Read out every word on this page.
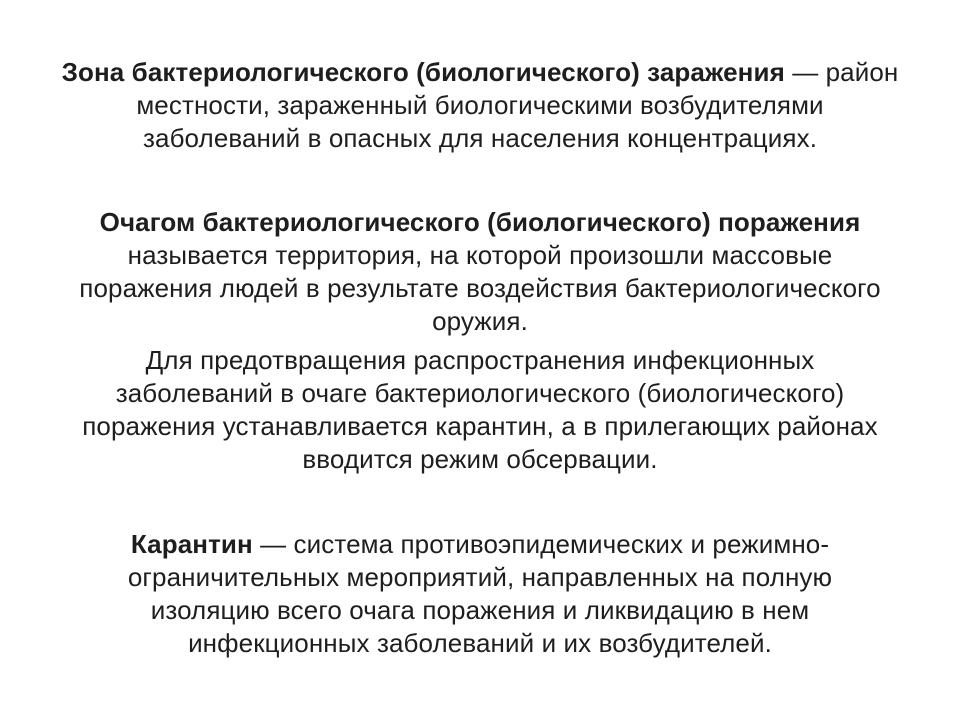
Зона бактериологического (биологического) заражения — район местности, зараженный биологическими возбудителями
заболеваний в опасных для населения концентрациях.

Очагом бактериологического (биологического) поражения
называется территория, на которой произошли массовые
поражения людей в результате воздействия бактериологического
оружия.

Для предотвращения распространения инфекционных
заболеваний в очаге бактериологического (биологического)
поражения устанавливается карантин, а в прилегающих районах
вводится режим обсервации.

Карантин — система противоэпидемических и режимно-
ограничительных мероприятий, направленных на полную
изоляцию всего очага поражения и ликвидацию в нем
инфекционных заболеваний и их возбудителей.
